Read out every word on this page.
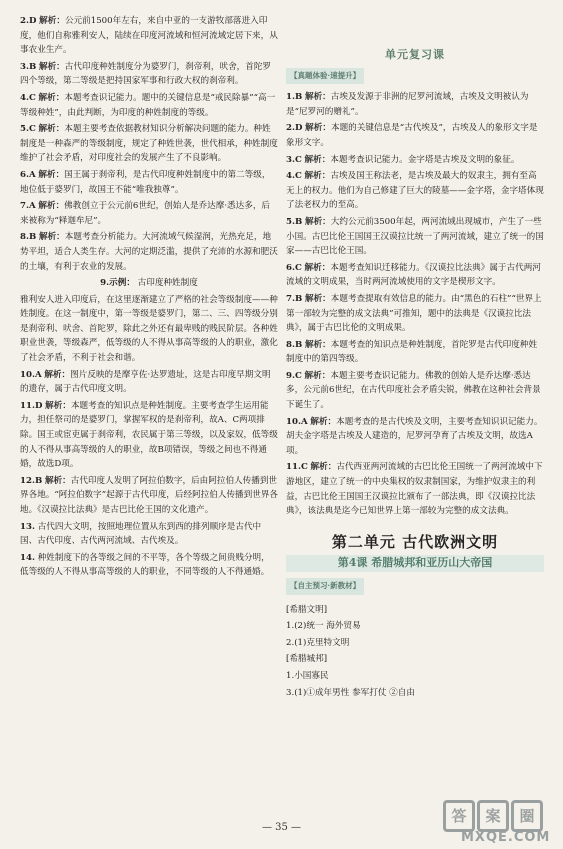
2.D 解析：公元前1500年左右，来自中亚的一支游牧部落进入印度，他们自称雅利安人，陆续在印度河流域和恒河流域定居下来，从事农业生产。
3.B 解析：古代印度种姓制度分为婆罗门，刹帝利，吠舍，首陀罗四个等级，第二等级是把持国家军事和行政大权的刹帝利。
4.C 解析：本题考查识记能力。题中的关键信息是“戒民除暴”“高一等级种姓”，由此判断，为印度的种姓制度的等级。
5.C 解析：本题主要考查依据教材知识分析解决问题的能力。种姓制度是一种森严的等级制度，规定了种姓世袭，世代相承，种姓制度维护了社会矛盾，对印度社会的发展产生了不良影响。
6.A 解析：国王属于刹帝利，是古代印度种姓制度中的第二等级，地位低于婆罗门，故国王不能“唯我独尊”。
7.A 解析：佛教创立于公元前6世纪，创始人是乔达摩·悉达多，后来被称为“释迦牟尼”。
8.B 解析：本题考查分析能力。大河流域气候湿润，光热充足，地势平坦，适合人类生存。大河的定期泛滥，提供了充沛的水源和肥沃的土壤，有利于农业的发展。
9.示例： 古印度种姓制度
雅利安人进入印度后，在这里逐渐建立了严格的社会等级制度——种姓制度。在这一制度中，第一等级是婆罗门，第二、三、四等级分别是刹帝利、吠舍、首陀罗，除此之外还有最卑贱的贱民阶层。各种姓职业世袭，等级森严，低等级的人不得从事高等级的人的职业，激化了社会矛盾，不利于社会和谐。
10.A 解析：图片反映的是摩亨佐·达罗遗址，这是古印度早期文明的遗存，属于古代印度文明。
11.D 解析：本题考查的知识点是种姓制度。主要考查学生运用能力，担任祭司的是婆罗门，掌握军权的是刹帝利，故A、C两项排除。国王或宦吏属于刹帝利，农民属于第三等级，以及家奴，低等级的人不得从事高等级的人的职业，故B项错误，等级之间也不得通婚，故选D项。
12.B 解析：古代印度人发明了阿拉伯数字，后由阿拉伯人传播到世界各地。“阿拉伯数字”起源于古代印度，后经阿拉伯人传播到世界各地。《汉谟拉比法典》是古巴比伦王国的文化遗产。
13. 古代四大文明，按照地理位置从东到西的排列顺序是古代中国、古代印度、古代两河流域、古代埃及。
14. 种姓制度下的各等级之间的不平等，各个等级之间贵贱分明，低等级的人不得从事高等级的人的职业，不同等级的人不得通婚。
单元复习课
【真题体验·速提升】
1.B 解析：古埃及发源于非洲的尼罗河流域，古埃及文明被认为是“尼罗河的赠礼”。
2.D 解析：本题的关键信息是“古代埃及”，古埃及人的象形文字是象形文字。
3.C 解析：本题考查识记能力。金字塔是古埃及文明的象征。
4.C 解析：古埃及国王称法老，是古埃及最大的奴隶主，拥有至高无上的权力。他们为自己修建了巨大的陵墓——金字塔，金字塔体现了法老权力的至高。
5.B 解析：大约公元前3500年起，两河流域出现城市，产生了一些小国。古巴比伦王国国王汉谟拉比统一了两河流域，建立了统一的国家——古巴比伦王国。
6.C 解析：本题考查知识迁移能力。《汉谟拉比法典》属于古代两河流域的文明成果，当时两河流域使用的文字是楔形文字。
7.B 解析：本题考查提取有效信息的能力。由“黑色的石柱”“世界上第一部较为完整的成文法典”可推知，题中的法典是《汉谟拉比法典》，属于古巴比伦的文明成果。
8.B 解析：本题考查的知识点是种姓制度，首陀罗是古代印度种姓制度中的第四等级。
9.C 解析：本题主要考查识记能力。佛教的创始人是乔达摩·悉达多，公元前6世纪，在古代印度社会矛盾尖锐，佛教在这种社会背景下诞生了。
10.A 解析：本题考查的是古代埃及文明，主要考查知识识记能力。胡夫金字塔是古埃及人建造的，尼罗河孕育了古埃及文明，故选A项。
11.C 解析：古代西亚两河流域的古巴比伦王国统一了两河流域中下游地区，建立了统一的中央集权的奴隶制国家，为维护奴隶主的利益，古巴比伦王国国王汉谟拉比颁布了一部法典，即《汉谟拉比法典》，该法典是迄今已知世界上第一部较为完整的成文法典。
第二单元 古代欧洲文明
第4课 希腊城邦和亚历山大帝国
【自主预习·新教材】
[希腊文明]
1.(2)统一 海外贸易
2.(1)克里特文明
[希腊城邦]
1.小国寡民
3.(1)①成年男性 参军打仗 ②自由
— 35 —
答	案	圈
MXQE.COM
